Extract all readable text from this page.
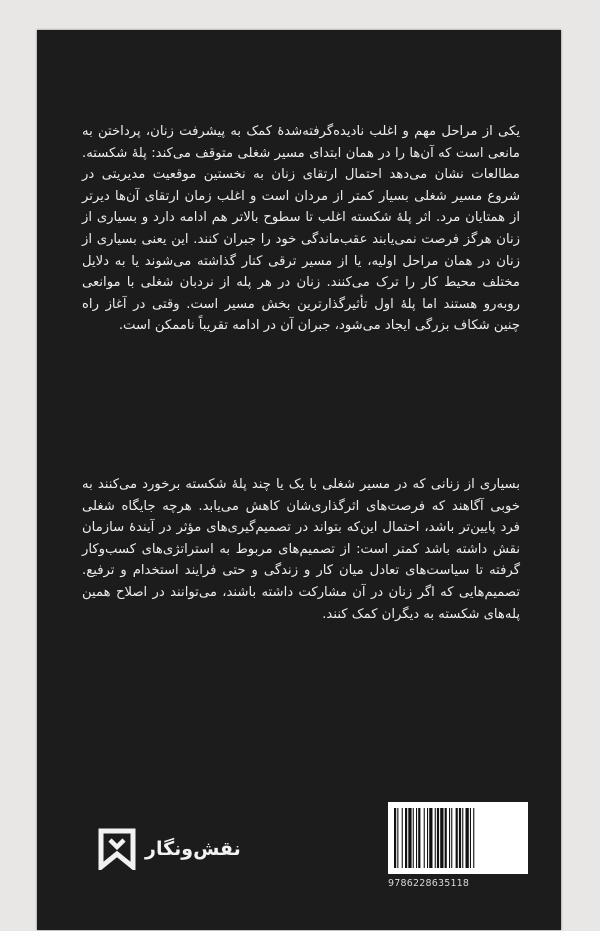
یکی از مراحل مهم و اغلب نادیده‌گرفته‌شدهٔ کمک به پیشرفت زنان، پرداختن به مانعی است که آن‌ها را در همان ابتدای مسیر شغلی متوقف می‌کند: پلهٔ شکسته. مطالعات نشان می‌دهد احتمال ارتقای زنان به نخستین موقعیت مدیریتی در شروع مسیر شغلی بسیار کمتر از مردان است و اغلب زمان ارتقای آن‌ها دیرتر از همتایان مرد. اثر پلهٔ شکسته اغلب تا سطوح بالاتر هم ادامه دارد و بسیاری از زنان هرگز فرصت نمی‌یابند عقب‌ماندگی خود را جبران کنند. این یعنی بسیاری از زنان در همان مراحل اولیه، یا از مسیر ترقی کنار گذاشته می‌شوند یا به دلایل مختلف محیط کار را ترک می‌کنند. زنان در هر پله از نردبان شغلی با موانعی روبه‌رو هستند اما پلهٔ اول تأثیرگذارترین بخش مسیر است. وقتی در آغاز راه چنین شکاف بزرگی ایجاد می‌شود، جبران آن در ادامه تقریباً ناممکن است.
بسیاری از زنانی که در مسیر شغلی با یک یا چند پلهٔ شکسته برخورد می‌کنند به خوبی آگاهند که فرصت‌های اثرگذاری‌شان کاهش می‌یابد. هرچه جایگاه شغلی فرد پایین‌تر باشد، احتمال این‌که بتواند در تصمیم‌گیری‌های مؤثر در آیندهٔ سازمان نقش داشته باشد کمتر است: از تصمیم‌های مربوط به استراتژی‌های کسب‌وکار گرفته تا سیاست‌های تعادل میان کار و زندگی و حتی فرایند استخدام و ترفیع. تصمیم‌هایی که اگر زنان در آن مشارکت داشته باشند، می‌توانند در اصلاح همین پله‌های شکسته به دیگران کمک کنند.
نقش‌ونگار
9786228635118
